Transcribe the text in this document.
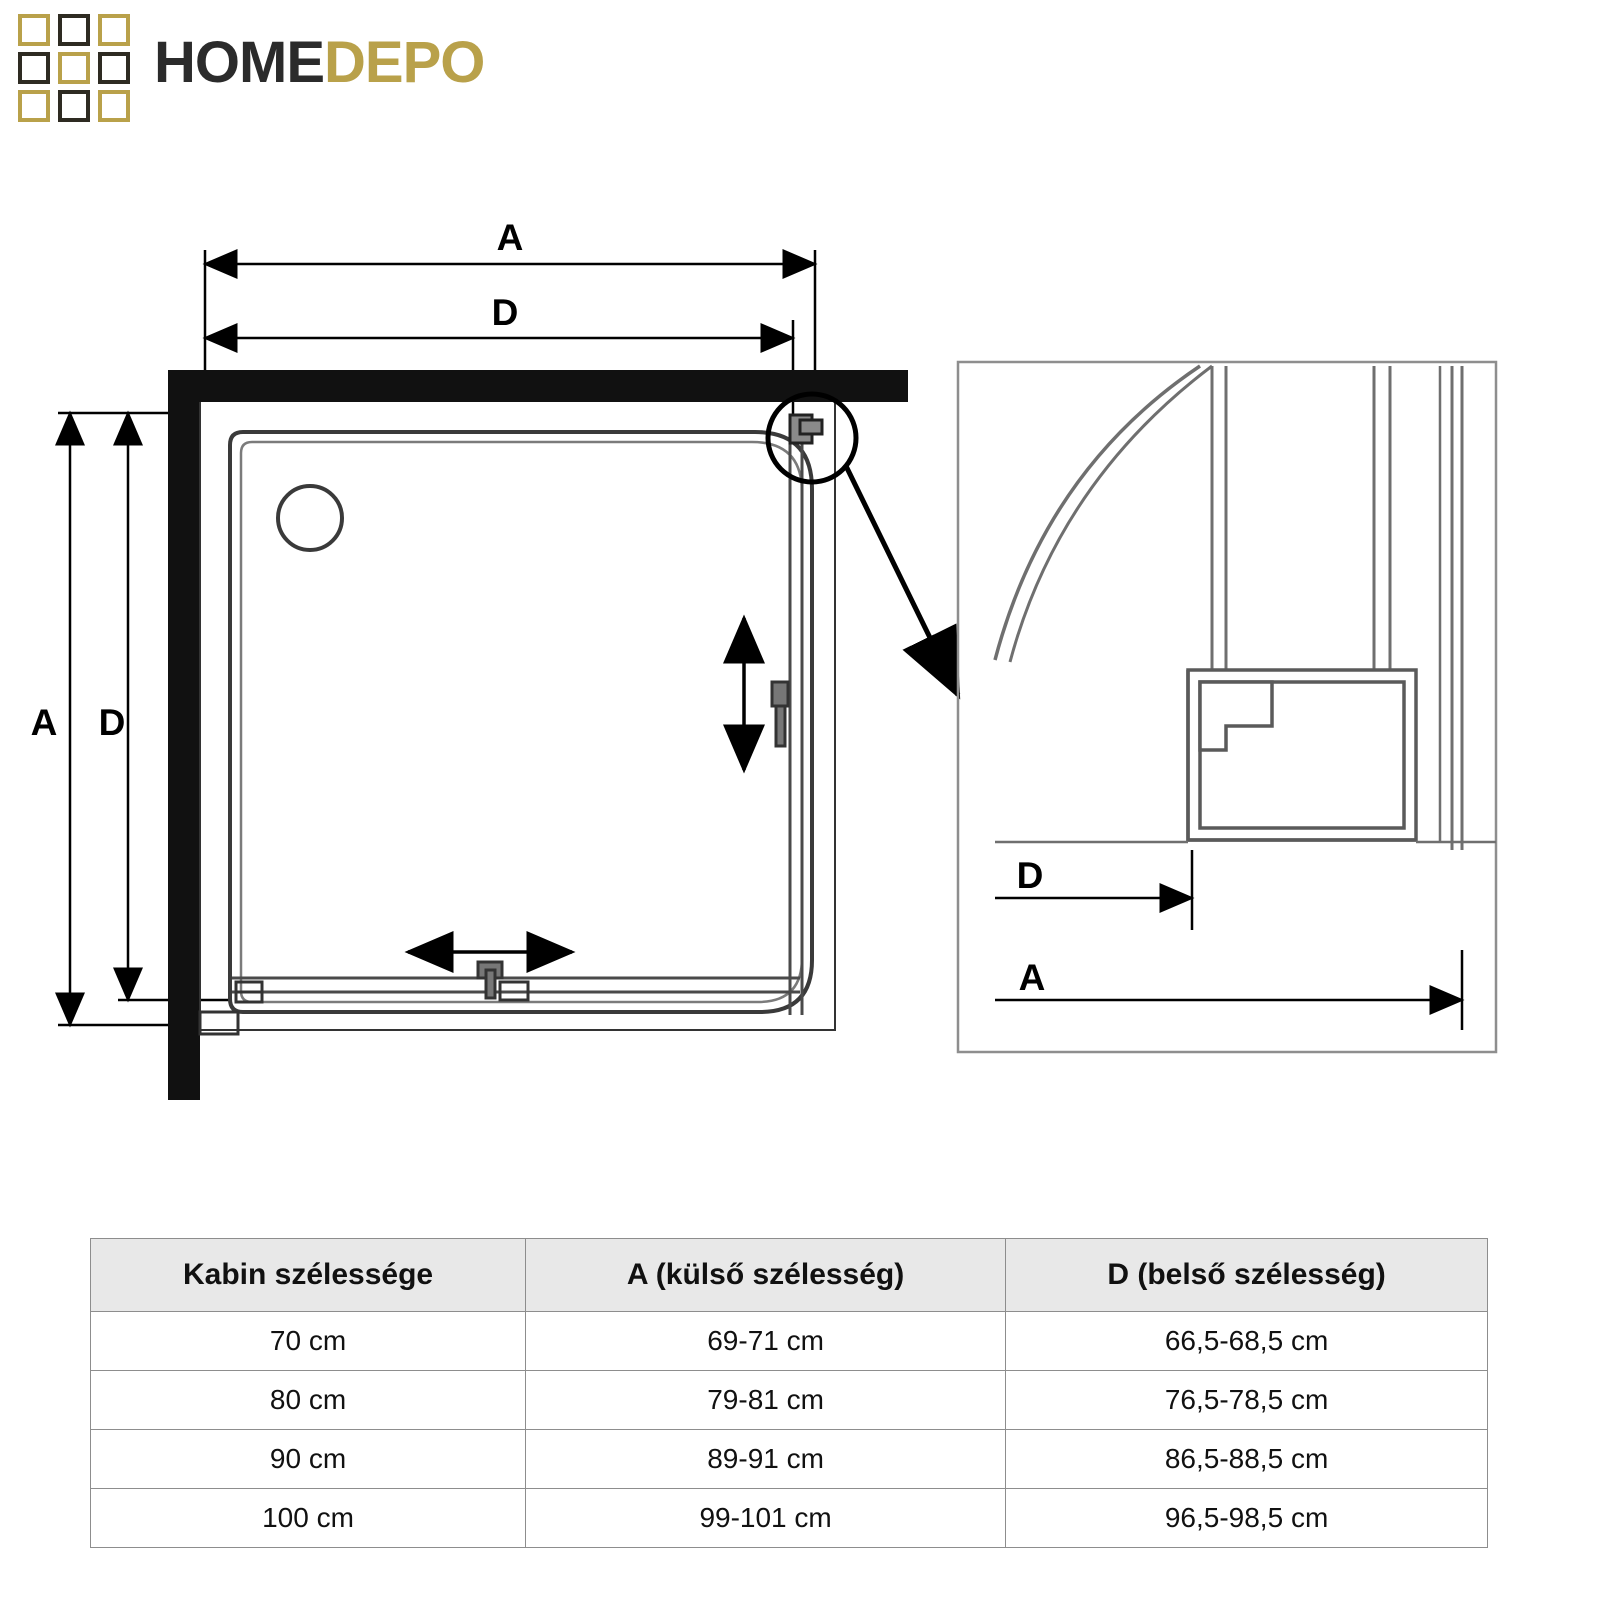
HOMEDEPO
A
D
A D
D
A
Kabin szélessége	A (külső szélesség)	D (belső szélesség)
70 cm	69-71 cm	66,5-68,5 cm
80 cm	79-81 cm	76,5-78,5 cm
90 cm	89-91 cm	86,5-88,5 cm
100 cm	99-101 cm	96,5-98,5 cm
